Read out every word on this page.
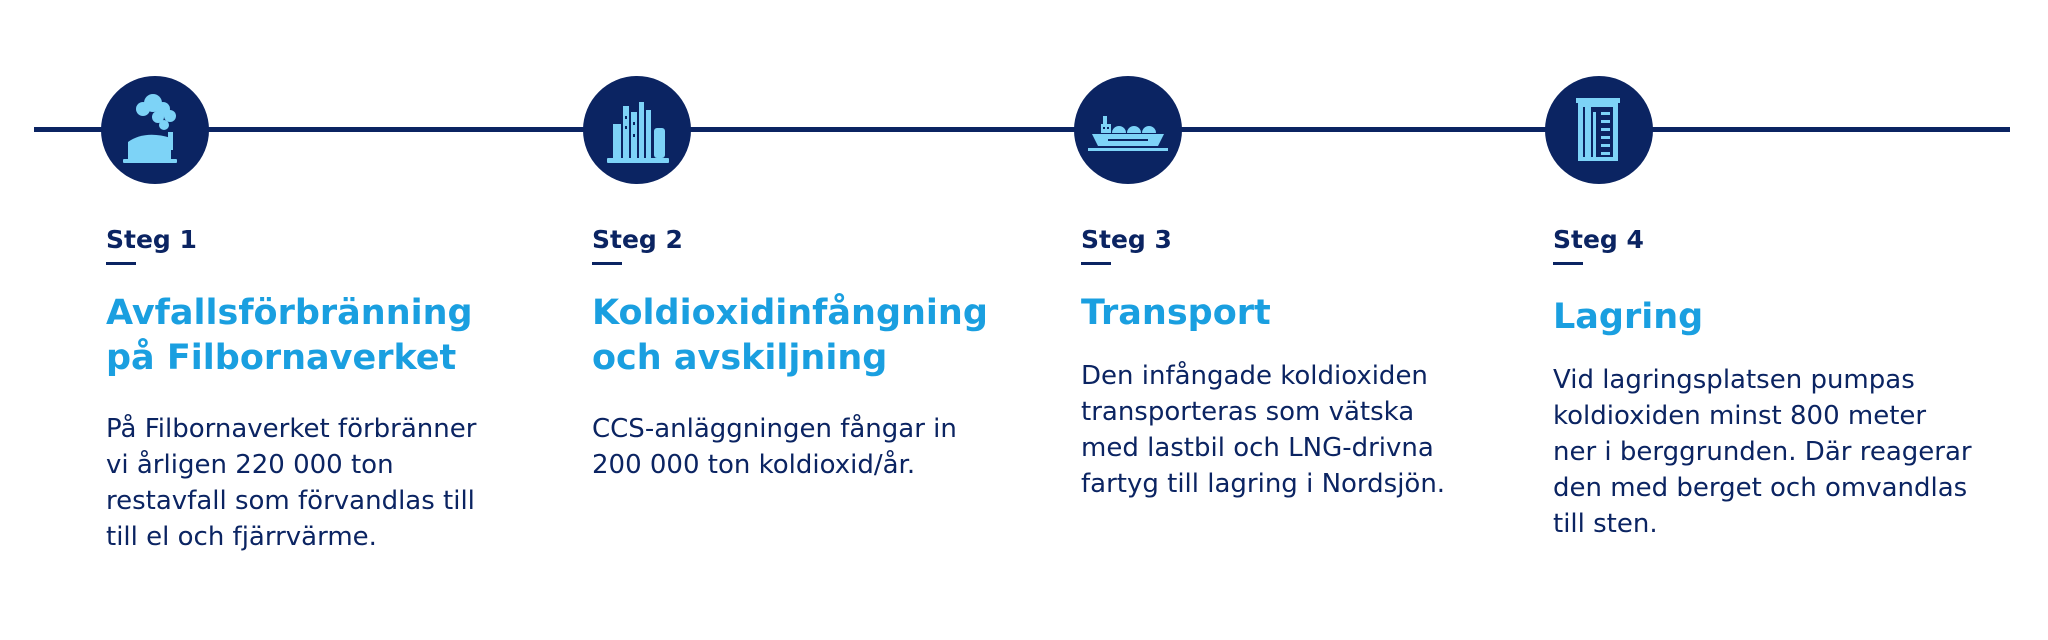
Steg 1
Avfallsförbränning
på Filbornaverket
På Filbornaverket förbränner
vi årligen 220 000 ton
restavfall som förvandlas till
till el och fjärrvärme.
Steg 2
Koldioxidinfångning
och avskiljning
CCS-anläggningen fångar in
200 000 ton koldioxid/år.
Steg 3
Transport
Den infångade koldioxiden
transporteras som vätska
med lastbil och LNG-drivna
fartyg till lagring i Nordsjön.
Steg 4
Lagring
Vid lagringsplatsen pumpas
koldioxiden minst 800 meter
ner i berggrunden. Där reagerar
den med berget och omvandlas
till sten.
